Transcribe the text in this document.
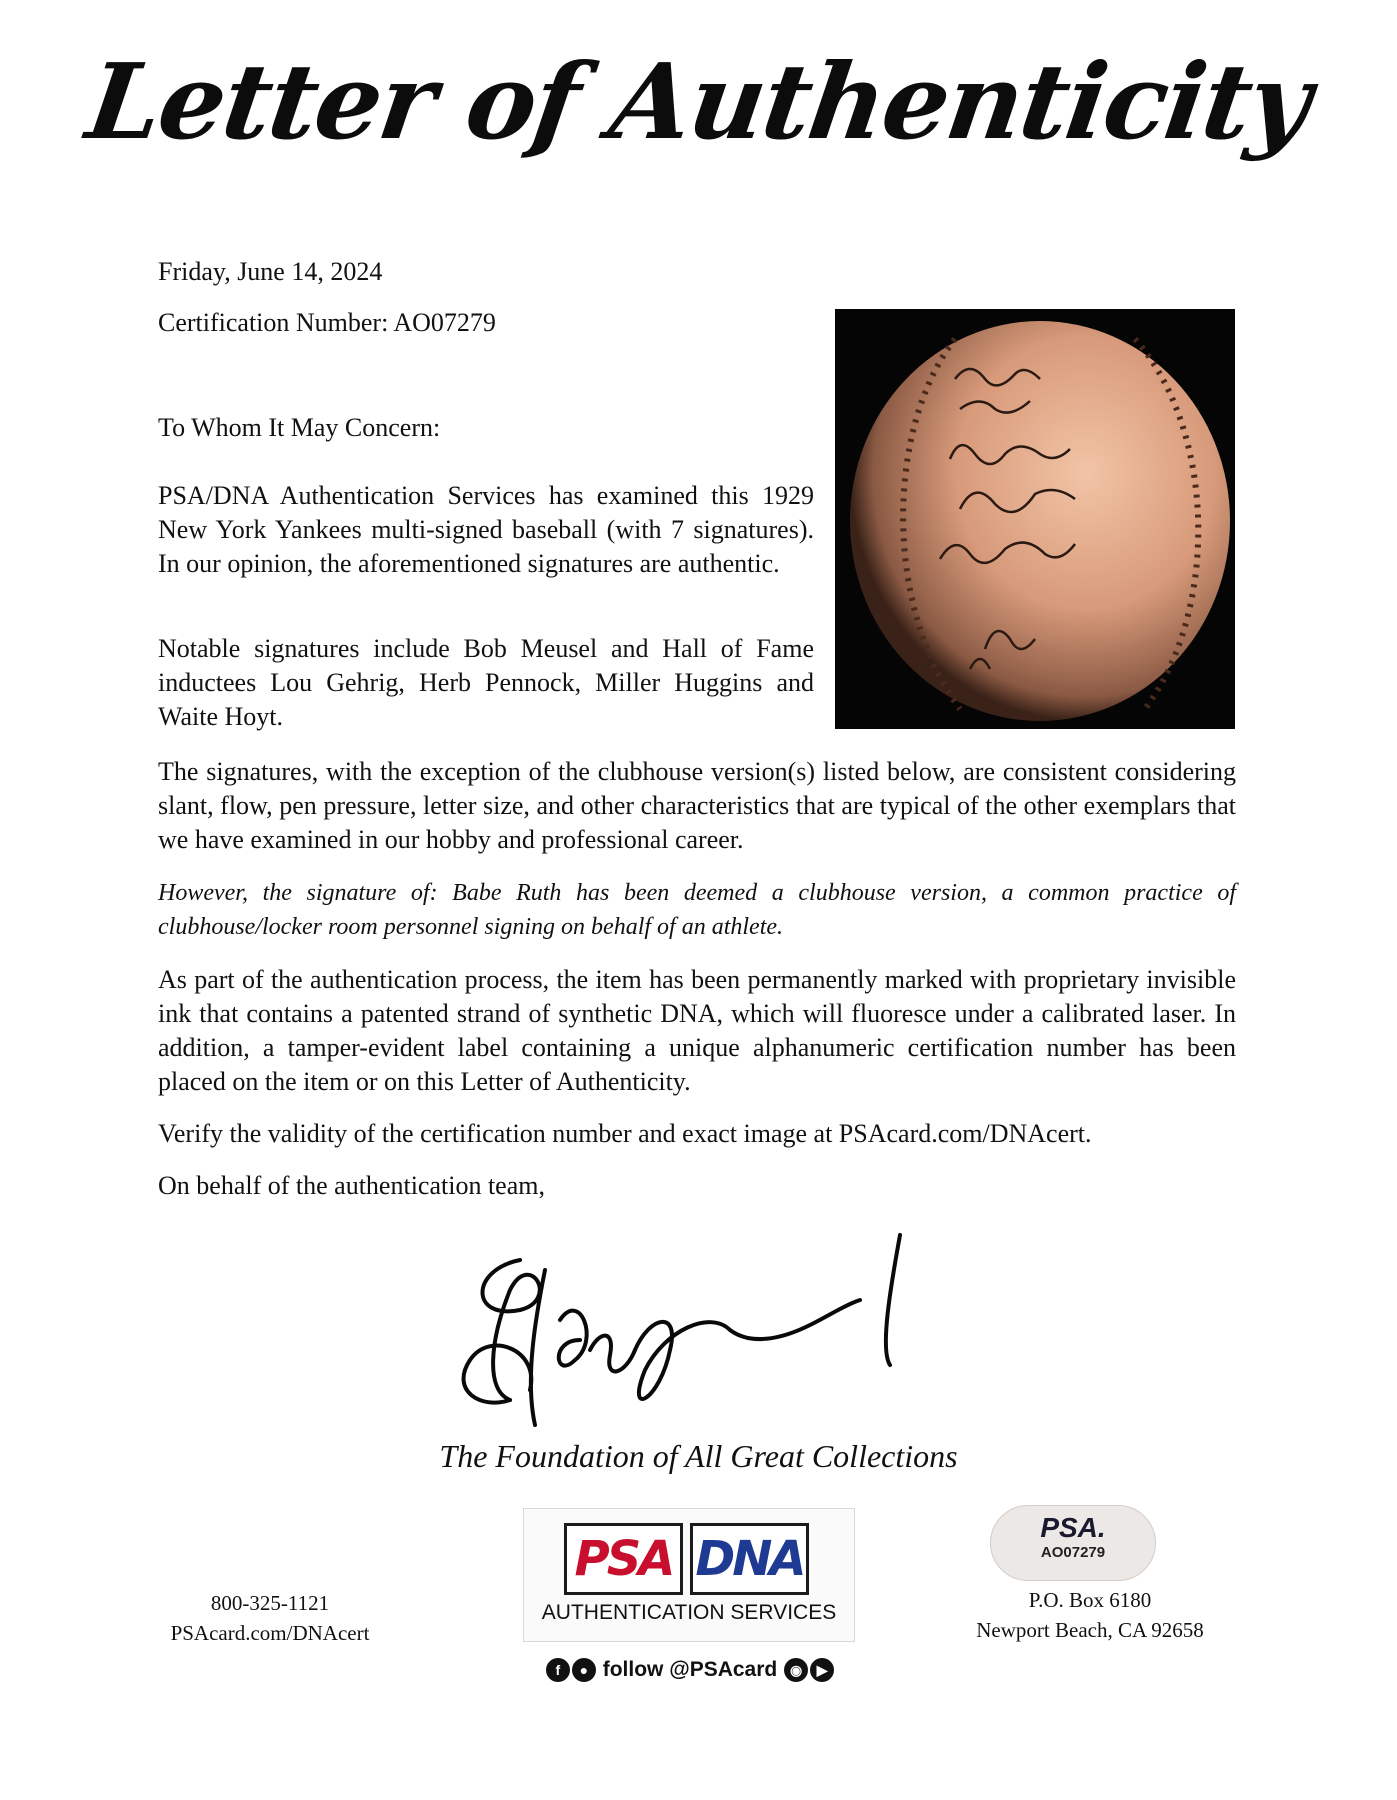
Letter of Authenticity
Friday, June 14, 2024
Certification Number: AO07279
To Whom It May Concern:
PSA/DNA Authentication Services has examined this 1929 New York Yankees multi-signed baseball (with 7 signatures). In our opinion, the aforementioned signatures are authentic.
Notable signatures include Bob Meusel and Hall of Fame inductees Lou Gehrig, Herb Pennock, Miller Huggins and Waite Hoyt.
The signatures, with the exception of the clubhouse version(s) listed below, are consistent considering slant, flow, pen pressure, letter size, and other characteristics that are typical of the other exemplars that we have examined in our hobby and professional career.
However, the signature of: Babe Ruth has been deemed a clubhouse version, a common practice of clubhouse/locker room personnel signing on behalf of an athlete.
As part of the authentication process, the item has been permanently marked with proprietary invisible ink that contains a patented strand of synthetic DNA, which will fluoresce under a calibrated laser. In addition, a tamper-evident label containing a unique alphanumeric certification number has been placed on the item or on this Letter of Authenticity.
Verify the validity of the certification number and exact image at PSAcard.com/DNAcert.
On behalf of the authentication team,
The Foundation of All Great Collections
800-325-1121
PSAcard.com/DNAcert
PSA DNA
AUTHENTICATION SERVICES
f ● follow @PSAcard ◉ ▶
PSA.
AO07279
P.O. Box 6180
Newport Beach, CA 92658
